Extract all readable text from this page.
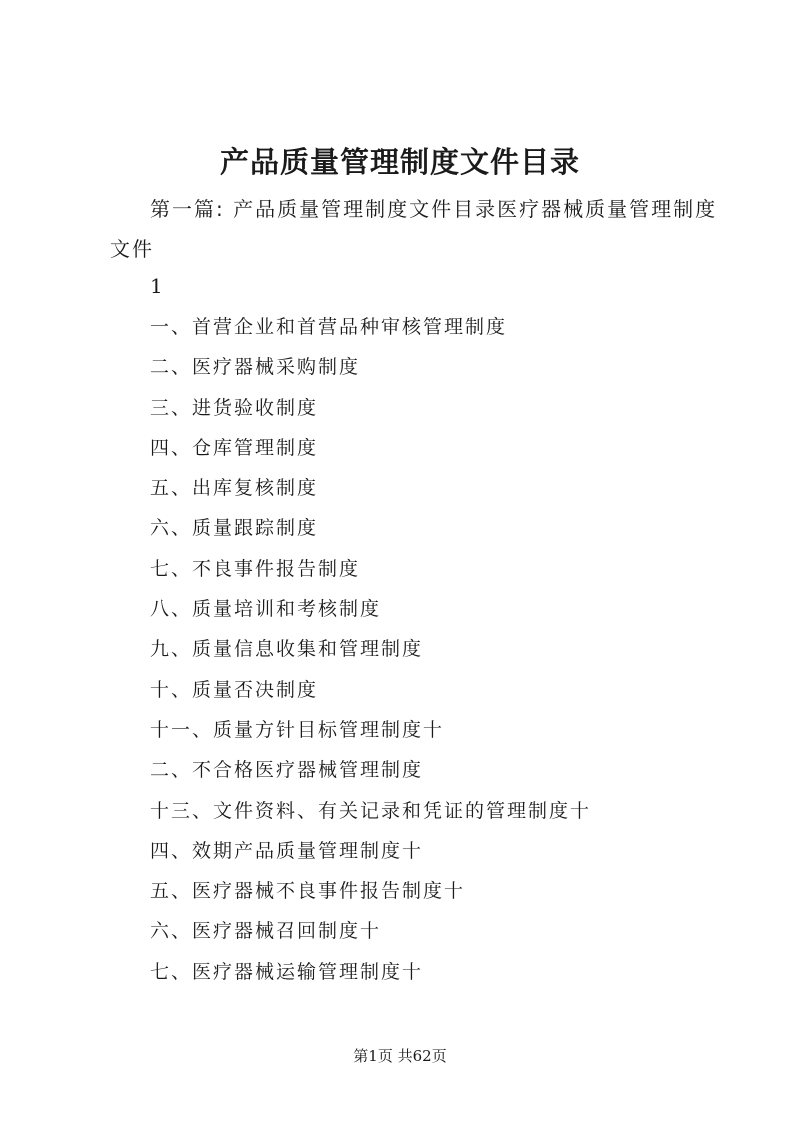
产品质量管理制度文件目录
第一篇: 产品质量管理制度文件目录医疗器械质量管理制度
文件
1
一、首营企业和首营品种审核管理制度
二、医疗器械采购制度
三、进货验收制度
四、仓库管理制度
五、出库复核制度
六、质量跟踪制度
七、不良事件报告制度
八、质量培训和考核制度
九、质量信息收集和管理制度
十、质量否决制度
十一、质量方针目标管理制度十
二、不合格医疗器械管理制度
十三、文件资料、有关记录和凭证的管理制度十
四、效期产品质量管理制度十
五、医疗器械不良事件报告制度十
六、医疗器械召回制度十
七、医疗器械运输管理制度十
第1页 共62页
